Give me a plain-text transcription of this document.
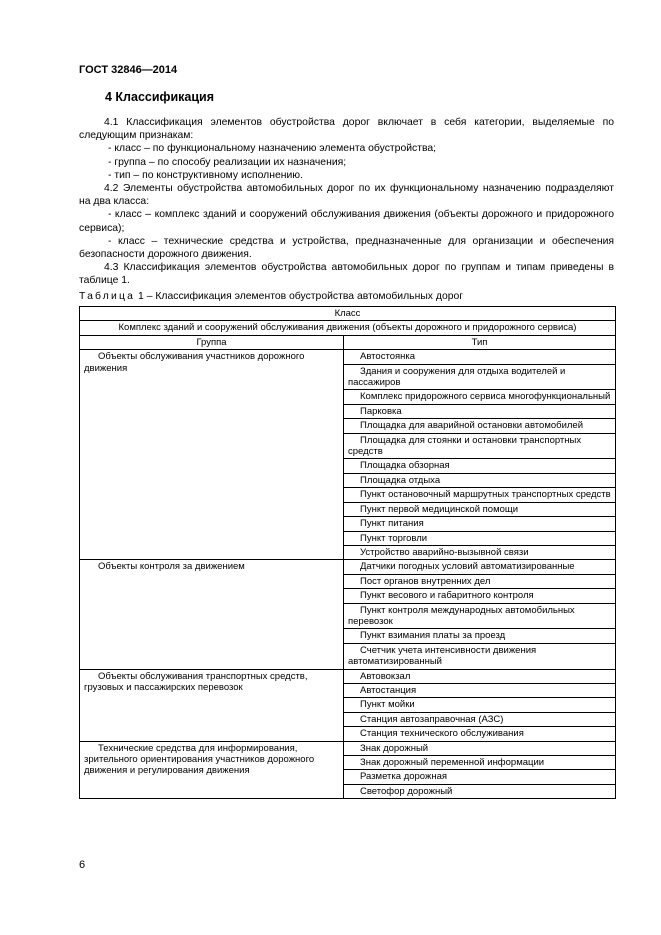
ГОСТ 32846—2014
4 Классификация

4.1 Классификация элементов обустройства дорог включает в себя категории, выделяемые по следующим признакам:

- класс – по функциональному назначению элемента обустройства;

- группа – по способу реализации их назначения;

- тип – по конструктивному исполнению.

4.2 Элементы обустройства автомобильных дорог по их функциональному назначению подразделяют на два класса:

- класс – комплекс зданий и сооружений обслуживания движения (объекты дорожного и придорожного сервиса);

- класс – технические средства и устройства, предназначенные для организации и обеспечения безопасности дорожного движения.

4.3 Классификация элементов обустройства автомобильных дорог по группам и типам приведены в таблице 1.

Таблица 1 – Классификация элементов обустройства автомобильных дорог
Класс	
Комплекс зданий и сооружений обслуживания движения (объекты дорожного и придорожного сервиса)	
Группа	Тип
Объекты обслуживания участников дорожного движения	Автостоянка
	Здания и сооружения для отдыха водителей и пассажиров
	Комплекс придорожного сервиса многофункциональный
	Парковка
	Площадка для аварийной остановки автомобилей
	Площадка для стоянки и остановки транспортных средств
	Площадка обзорная
	Площадка отдыха
	Пункт остановочный маршрутных транспортных средств
	Пункт первой медицинской помощи
	Пункт питания
	Пункт торговли
	Устройство аварийно-вызывной связи
Объекты контроля за движением	Датчики погодных условий автоматизированные
	Пост органов внутренних дел
	Пункт весового и габаритного контроля
	Пункт контроля международных автомобильных перевозок
	Пункт взимания платы за проезд
	Счетчик учета интенсивности движения автоматизированный
Объекты обслуживания транспортных средств, грузовых и пассажирских перевозок	Автовокзал
	Автостанция
	Пункт мойки
	Станция автозаправочная (АЗС)
	Станция технического обслуживания
Технические средства для информирования, зрительного ориентирования участников дорожного движения и регулирования движения	Знак дорожный
	Знак дорожный переменной информации
	Разметка дорожная
	Светофор дорожный
6
